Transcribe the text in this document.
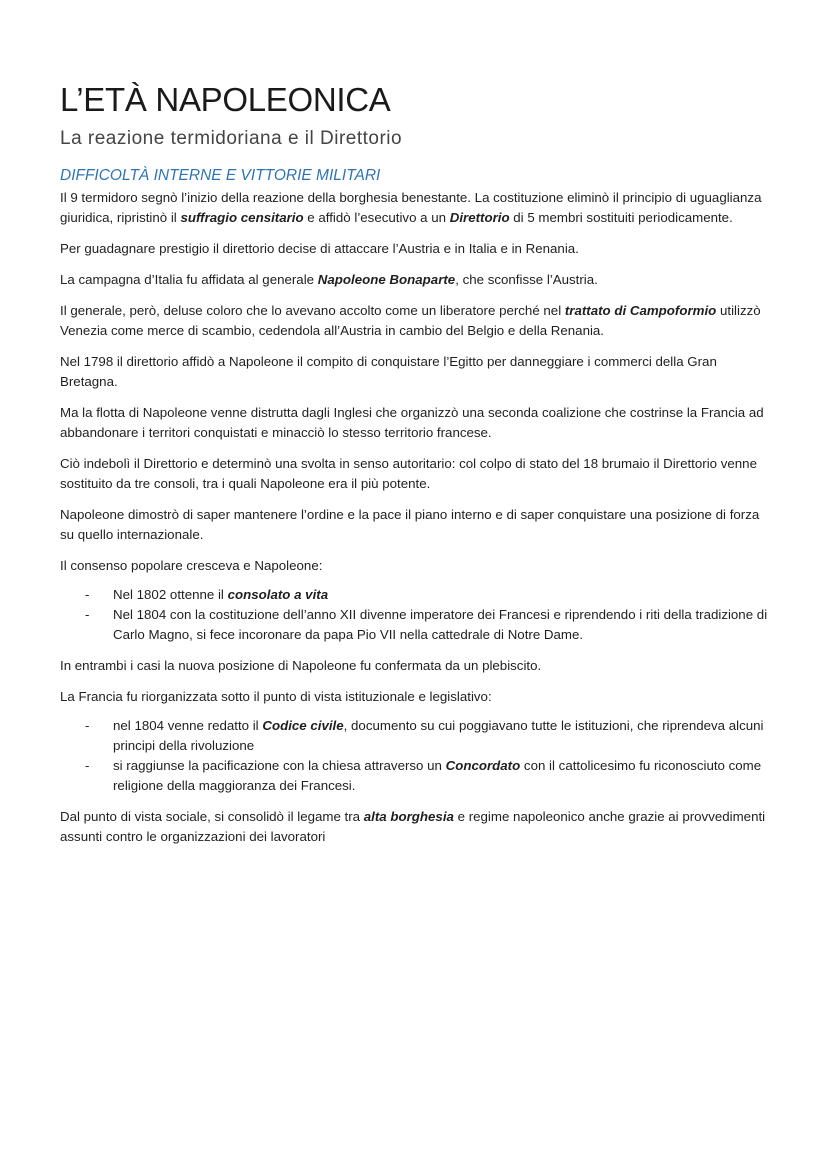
L’ETÀ NAPOLEONICA
La reazione termidoriana e il Direttorio
DIFFICOLTÀ INTERNE E VITTORIE MILITARI

Il 9 termidoro segnò l’inizio della reazione della borghesia benestante. La costituzione eliminò il principio di uguaglianza giuridica, ripristinò il suffragio censitario e affidò l’esecutivo a un Direttorio di 5 membri sostituiti periodicamente.

Per guadagnare prestigio il direttorio decise di attaccare l’Austria e in Italia e in Renania.

La campagna d’Italia fu affidata al generale Napoleone Bonaparte, che sconfisse l’Austria.

Il generale, però, deluse coloro che lo avevano accolto come un liberatore perché nel trattato di Campoformio utilizzò Venezia come merce di scambio, cedendola all’Austria in cambio del Belgio e della Renania.

Nel 1798 il direttorio affidò a Napoleone il compito di conquistare l’Egitto per danneggiare i commerci della Gran Bretagna.

Ma la flotta di Napoleone venne distrutta dagli Inglesi che organizzò una seconda coalizione che costrinse la Francia ad abbandonare i territori conquistati e minacciò lo stesso territorio francese.

Ciò indebolì il Direttorio e determinò una svolta in senso autoritario: col colpo di stato del 18 brumaio il Direttorio venne sostituito da tre consoli, tra i quali Napoleone era il più potente.

Napoleone dimostrò di saper mantenere l’ordine e la pace il piano interno e di saper conquistare una posizione di forza su quello internazionale.

Il consenso popolare cresceva e Napoleone:

- Nel 1802 ottenne il consolato a vita
- Nel 1804 con la costituzione dell’anno XII divenne imperatore dei Francesi e riprendendo i riti della tradizione di Carlo Magno, si fece incoronare da papa Pio VII nella cattedrale di Notre Dame.

In entrambi i casi la nuova posizione di Napoleone fu confermata da un plebiscito.

La Francia fu riorganizzata sotto il punto di vista istituzionale e legislativo:

- nel 1804 venne redatto il Codice civile, documento su cui poggiavano tutte le istituzioni, che riprendeva alcuni principi della rivoluzione
- si raggiunse la pacificazione con la chiesa attraverso un Concordato con il cattolicesimo fu riconosciuto come religione della maggioranza dei Francesi.

Dal punto di vista sociale, si consolidò il legame tra alta borghesia e regime napoleonico anche grazie ai provvedimenti assunti contro le organizzazioni dei lavoratori
